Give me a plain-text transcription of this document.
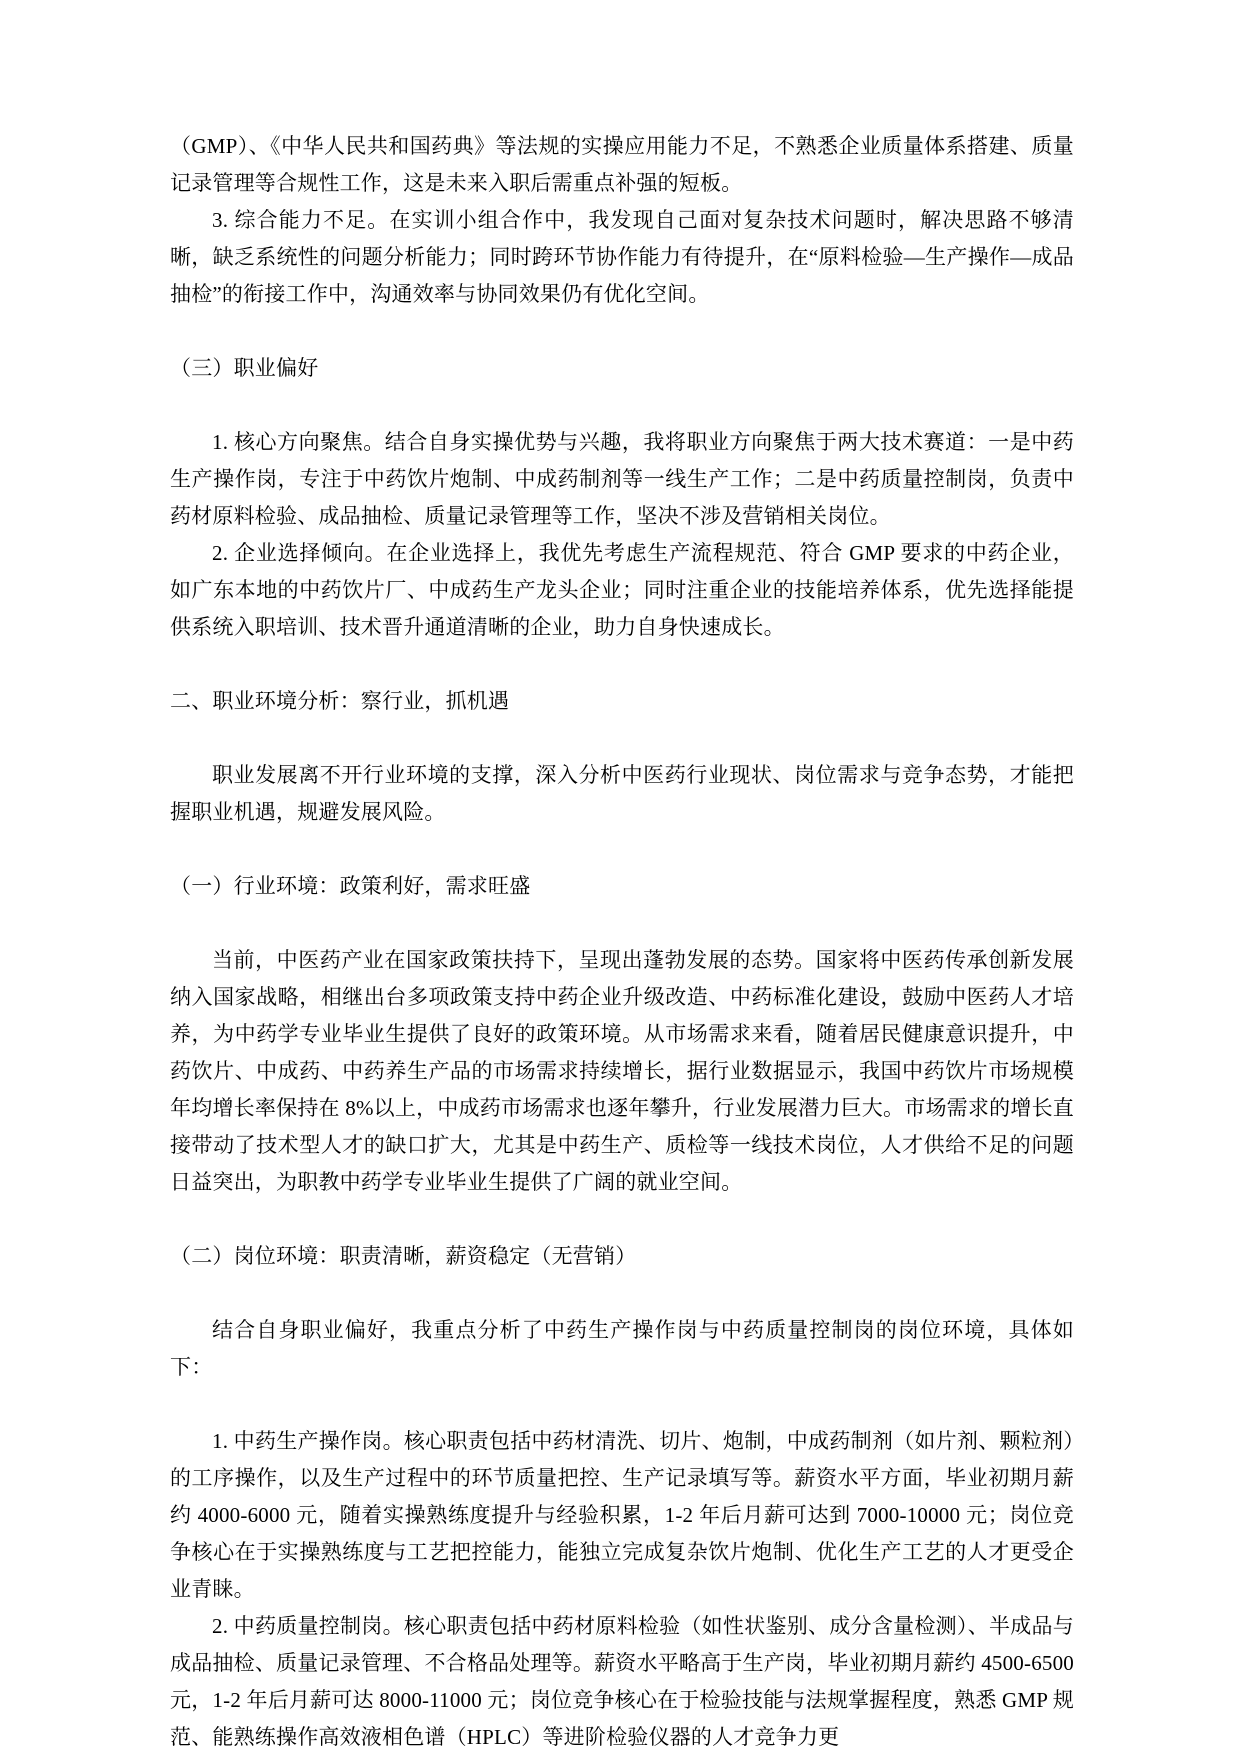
（GMP）、《中华人民共和国药典》等法规的实操应用能力不足，不熟悉企业质量体系搭建、质量记录管理等合规性工作，这是未来入职后需重点补强的短板。

3. 综合能力不足。在实训小组合作中，我发现自己面对复杂技术问题时，解决思路不够清晰，缺乏系统性的问题分析能力；同时跨环节协作能力有待提升，在“原料检验—生产操作—成品抽检”的衔接工作中，沟通效率与协同效果仍有优化空间。

（三）职业偏好

1. 核心方向聚焦。结合自身实操优势与兴趣，我将职业方向聚焦于两大技术赛道：一是中药生产操作岗，专注于中药饮片炮制、中成药制剂等一线生产工作；二是中药质量控制岗，负责中药材原料检验、成品抽检、质量记录管理等工作，坚决不涉及营销相关岗位。

2. 企业选择倾向。在企业选择上，我优先考虑生产流程规范、符合 GMP 要求的中药企业，如广东本地的中药饮片厂、中成药生产龙头企业；同时注重企业的技能培养体系，优先选择能提供系统入职培训、技术晋升通道清晰的企业，助力自身快速成长。

二、职业环境分析：察行业，抓机遇

职业发展离不开行业环境的支撑，深入分析中医药行业现状、岗位需求与竞争态势，才能把握职业机遇，规避发展风险。

（一）行业环境：政策利好，需求旺盛

当前，中医药产业在国家政策扶持下，呈现出蓬勃发展的态势。国家将中医药传承创新发展纳入国家战略，相继出台多项政策支持中药企业升级改造、中药标准化建设，鼓励中医药人才培养，为中药学专业毕业生提供了良好的政策环境。从市场需求来看，随着居民健康意识提升，中药饮片、中成药、中药养生产品的市场需求持续增长，据行业数据显示，我国中药饮片市场规模年均增长率保持在 8%以上，中成药市场需求也逐年攀升，行业发展潜力巨大。市场需求的增长直接带动了技术型人才的缺口扩大，尤其是中药生产、质检等一线技术岗位，人才供给不足的问题日益突出，为职教中药学专业毕业生提供了广阔的就业空间。

（二）岗位环境：职责清晰，薪资稳定（无营销）

结合自身职业偏好，我重点分析了中药生产操作岗与中药质量控制岗的岗位环境，具体如下：

1. 中药生产操作岗。核心职责包括中药材清洗、切片、炮制，中成药制剂（如片剂、颗粒剂）的工序操作，以及生产过程中的环节质量把控、生产记录填写等。薪资水平方面，毕业初期月薪约 4000-6000 元，随着实操熟练度提升与经验积累，1-2 年后月薪可达到 7000-10000 元；岗位竞争核心在于实操熟练度与工艺把控能力，能独立完成复杂饮片炮制、优化生产工艺的人才更受企业青睐。

2. 中药质量控制岗。核心职责包括中药材原料检验（如性状鉴别、成分含量检测）、半成品与成品抽检、质量记录管理、不合格品处理等。薪资水平略高于生产岗，毕业初期月薪约 4500-6500 元，1-2 年后月薪可达 8000-11000 元；岗位竞争核心在于检验技能与法规掌握程度，熟悉 GMP 规范、能熟练操作高效液相色谱（HPLC）等进阶检验仪器的人才竞争力更
